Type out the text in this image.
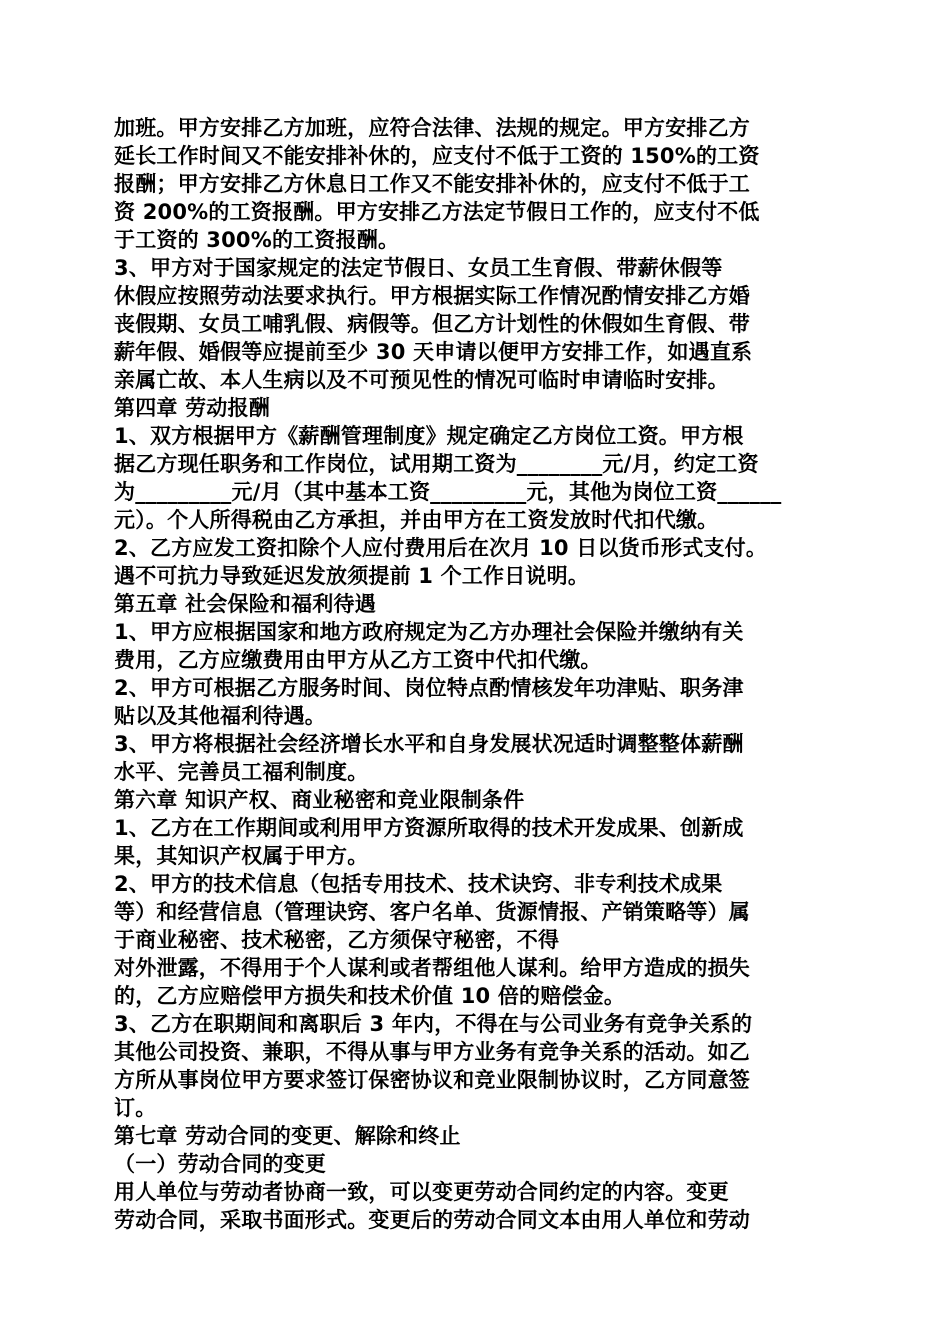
加班。甲方安排乙方加班，应符合法律、法规的规定。甲方安排乙方
延长工作时间又不能安排补休的，应支付不低于工资的 150%的工资
报酬；甲方安排乙方休息日工作又不能安排补休的，应支付不低于工
资 200%的工资报酬。甲方安排乙方法定节假日工作的，应支付不低
于工资的 300%的工资报酬。
3、甲方对于国家规定的法定节假日、女员工生育假、带薪休假等
休假应按照劳动法要求执行。甲方根据实际工作情况酌情安排乙方婚
丧假期、女员工哺乳假、病假等。但乙方计划性的休假如生育假、带
薪年假、婚假等应提前至少 30 天申请以便甲方安排工作，如遇直系
亲属亡故、本人生病以及不可预见性的情况可临时申请临时安排。
第四章 劳动报酬
1、双方根据甲方《薪酬管理制度》规定确定乙方岗位工资。甲方根
据乙方现任职务和工作岗位，试用期工资为________元/月，约定工资
为_________元/月（其中基本工资_________元，其他为岗位工资______
元）。个人所得税由乙方承担，并由甲方在工资发放时代扣代缴。
2、乙方应发工资扣除个人应付费用后在次月 10 日以货币形式支付。
遇不可抗力导致延迟发放须提前 1 个工作日说明。
第五章 社会保险和福利待遇
1、甲方应根据国家和地方政府规定为乙方办理社会保险并缴纳有关
费用，乙方应缴费用由甲方从乙方工资中代扣代缴。
2、甲方可根据乙方服务时间、岗位特点酌情核发年功津贴、职务津
贴以及其他福利待遇。
3、甲方将根据社会经济增长水平和自身发展状况适时调整整体薪酬
水平、完善员工福利制度。
第六章 知识产权、商业秘密和竞业限制条件
1、乙方在工作期间或利用甲方资源所取得的技术开发成果、创新成
果，其知识产权属于甲方。
2、甲方的技术信息（包括专用技术、技术诀窍、非专利技术成果
等）和经营信息（管理诀窍、客户名单、货源情报、产销策略等）属
于商业秘密、技术秘密，乙方须保守秘密，不得
对外泄露，不得用于个人谋利或者帮组他人谋利。给甲方造成的损失
的，乙方应赔偿甲方损失和技术价值 10 倍的赔偿金。
3、乙方在职期间和离职后 3 年内，不得在与公司业务有竞争关系的
其他公司投资、兼职，不得从事与甲方业务有竞争关系的活动。如乙
方所从事岗位甲方要求签订保密协议和竞业限制协议时，乙方同意签
订。
第七章 劳动合同的变更、解除和终止
（一）劳动合同的变更
用人单位与劳动者协商一致，可以变更劳动合同约定的内容。变更
劳动合同，采取书面形式。变更后的劳动合同文本由用人单位和劳动
